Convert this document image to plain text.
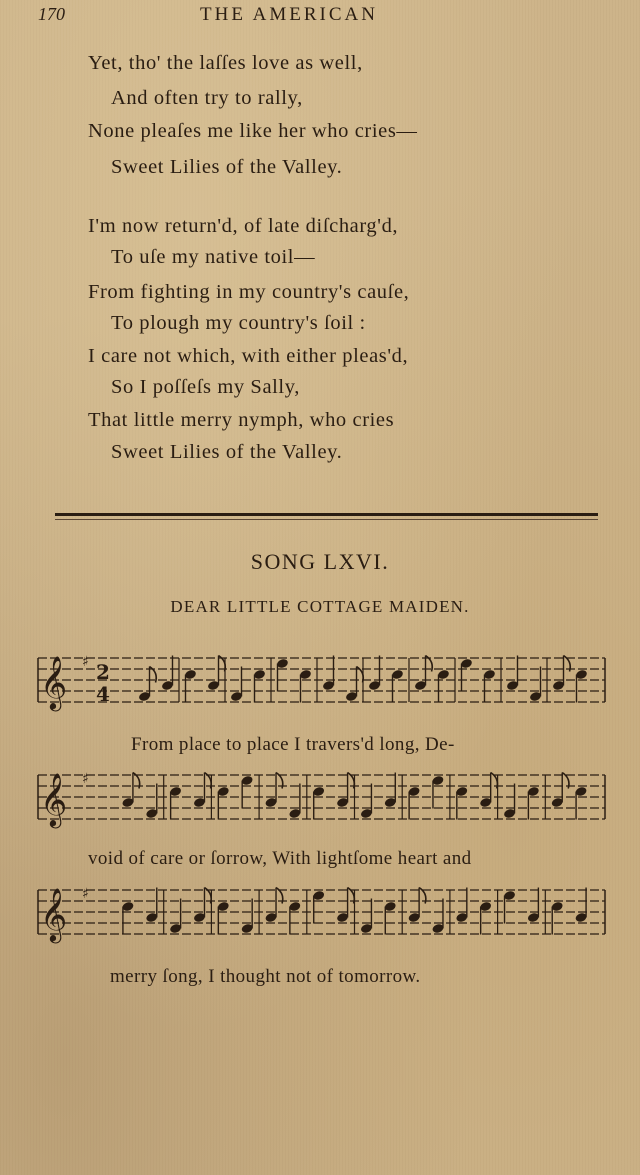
170	THE AMERICAN
Yet, tho' the laſſes love as well,
And often try to rally,
None pleaſes me like her who cries—
Sweet Lilies of the Valley.
I'm now return'd, of late diſcharg'd,
To uſe my native toil—
From fighting in my country's cauſe,
To plough my country's ſoil :
I care not which, with either pleas'd,
So I poſſeſs my Sally,
That little merry nymph, who cries
Sweet Lilies of the Valley.
SONG LXVI.
DEAR LITTLE COTTAGE MAIDEN.
𝄞 ♯ 2
4
𝄞 ♯
𝄞 ♯
From place to place I travers'd long, De-
void of care or ſorrow, With lightſome heart and
merry ſong, I thought not of tomorrow.
